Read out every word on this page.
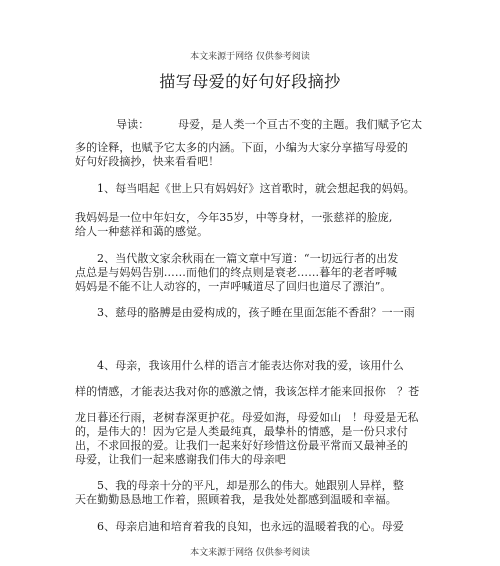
本文来源于网络 仅供参考阅读
描写母爱的好句好段摘抄
导读：	母爱，是人类一个亘古不变的主题。我们赋予它太
多的诠释，也赋予它太多的内涵。下面，小编为大家分享描写母爱的
好句好段摘抄，快来看看吧！
1、每当唱起《世上只有妈妈好》这首歌时，就会想起我的妈妈。
我妈妈是一位中年妇女，今年35岁，中等身材，一张慈祥的脸庞,
给人一种慈祥和蔼的感觉。
2、当代散文家余秋雨在一篇文章中写道：“一切远行者的出发
点总是与妈妈告别……而他们的终点则是衰老……暮年的老者呼喊
妈妈是不能不让人动容的，一声呼喊道尽了回归也道尽了漂泊”。
3、慈母的胳膊是由爱构成的，孩子睡在里面怎能不香甜？一一雨
4、母亲，我该用什么样的语言才能表达你对我的爱，该用什么
样的情感，才能表达我对你的感激之情，我该怎样才能来回报你 ？苍
龙日暮还行雨，老树春深更护花。母爱如海，母爱如山 ！母爱是无私
的，是伟大的！因为它是人类最纯真，最挚朴的情感，是一份只求付
出，不求回报的爱。让我们一起来好好珍惜这份最平常而又最神圣的
母爱，让我们一起来感谢我们伟大的母亲吧
5、我的母亲十分的平凡，却是那么的伟大。她跟别人异样，整
天在勤勤恳恳地工作着，照顾着我，是我处处都感到温暖和幸福。
6、母亲启迪和培育着我的良知，也永远的温暖着我的心。母爱
本文来源于网络 仅供参考阅读
